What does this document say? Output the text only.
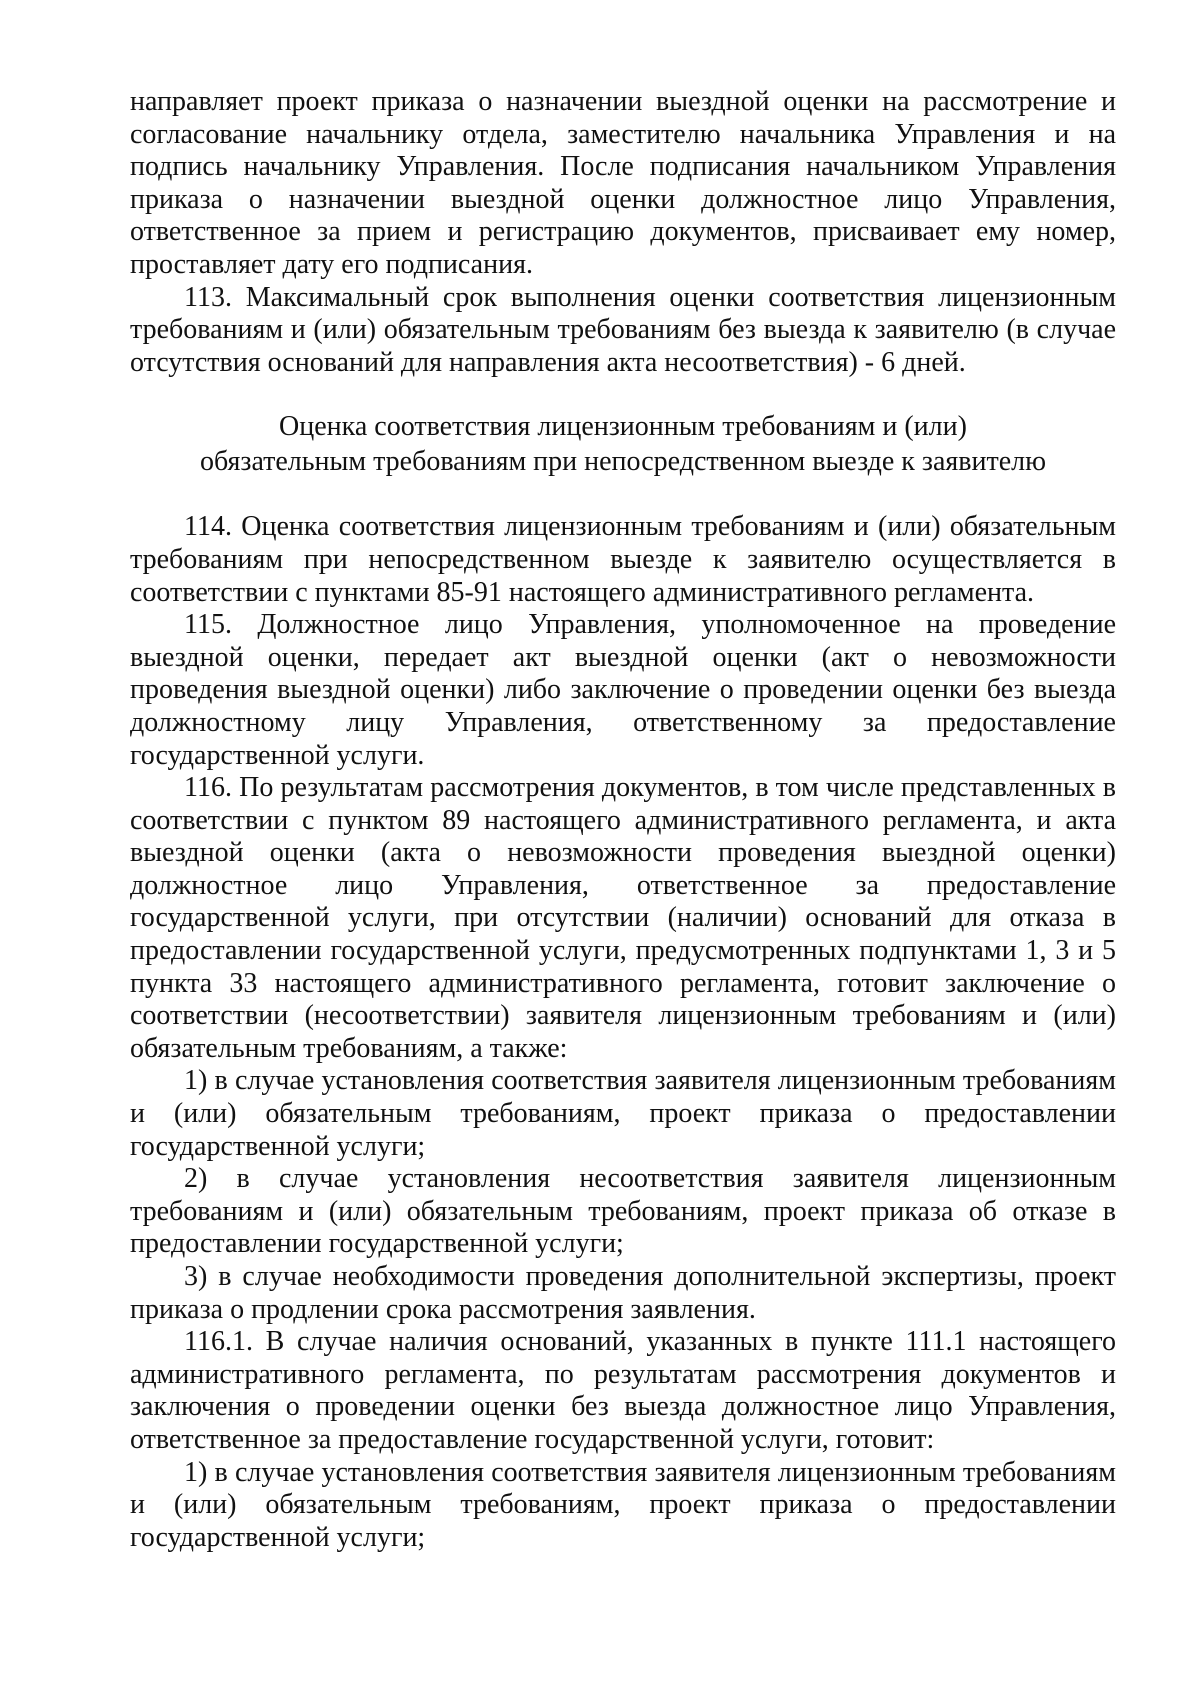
направляет проект приказа о назначении выездной оценки на рассмотрение и согласование начальнику отдела, заместителю начальника Управления и на подпись начальнику Управления. После подписания начальником Управления приказа о назначении выездной оценки должностное лицо Управления, ответственное за прием и регистрацию документов, присваивает ему номер, проставляет дату его подписания.

113. Максимальный срок выполнения оценки соответствия лицензионным требованиям и (или) обязательным требованиям без выезда к заявителю (в случае отсутствия оснований для направления акта несоответствия) - 6 дней.

Оценка соответствия лицензионным требованиям и (или)
обязательным требованиям при непосредственном выезде к заявителю

114. Оценка соответствия лицензионным требованиям и (или) обязательным требованиям при непосредственном выезде к заявителю осуществляется в соответствии с пунктами 85-91 настоящего административного регламента.

115. Должностное лицо Управления, уполномоченное на проведение выездной оценки, передает акт выездной оценки (акт о невозможности проведения выездной оценки) либо заключение о проведении оценки без выезда должностному лицу Управления, ответственному за предоставление государственной услуги.

116. По результатам рассмотрения документов, в том числе представленных в соответствии с пунктом 89 настоящего административного регламента, и акта выездной оценки (акта о невозможности проведения выездной оценки) должностное лицо Управления, ответственное за предоставление государственной услуги, при отсутствии (наличии) оснований для отказа в предоставлении государственной услуги, предусмотренных подпунктами 1, 3 и 5 пункта 33 настоящего административного регламента, готовит заключение о соответствии (несоответствии) заявителя лицензионным требованиям и (или) обязательным требованиям, а также:

1) в случае установления соответствия заявителя лицензионным требованиям и (или) обязательным требованиям, проект приказа о предоставлении государственной услуги;

2) в случае установления несоответствия заявителя лицензионным требованиям и (или) обязательным требованиям, проект приказа об отказе в предоставлении государственной услуги;

3) в случае необходимости проведения дополнительной экспертизы, проект приказа о продлении срока рассмотрения заявления.

116.1. В случае наличия оснований, указанных в пункте 111.1 настоящего административного регламента, по результатам рассмотрения документов и заключения о проведении оценки без выезда должностное лицо Управления, ответственное за предоставление государственной услуги, готовит:

1) в случае установления соответствия заявителя лицензионным требованиям и (или) обязательным требованиям, проект приказа о предоставлении государственной услуги;
